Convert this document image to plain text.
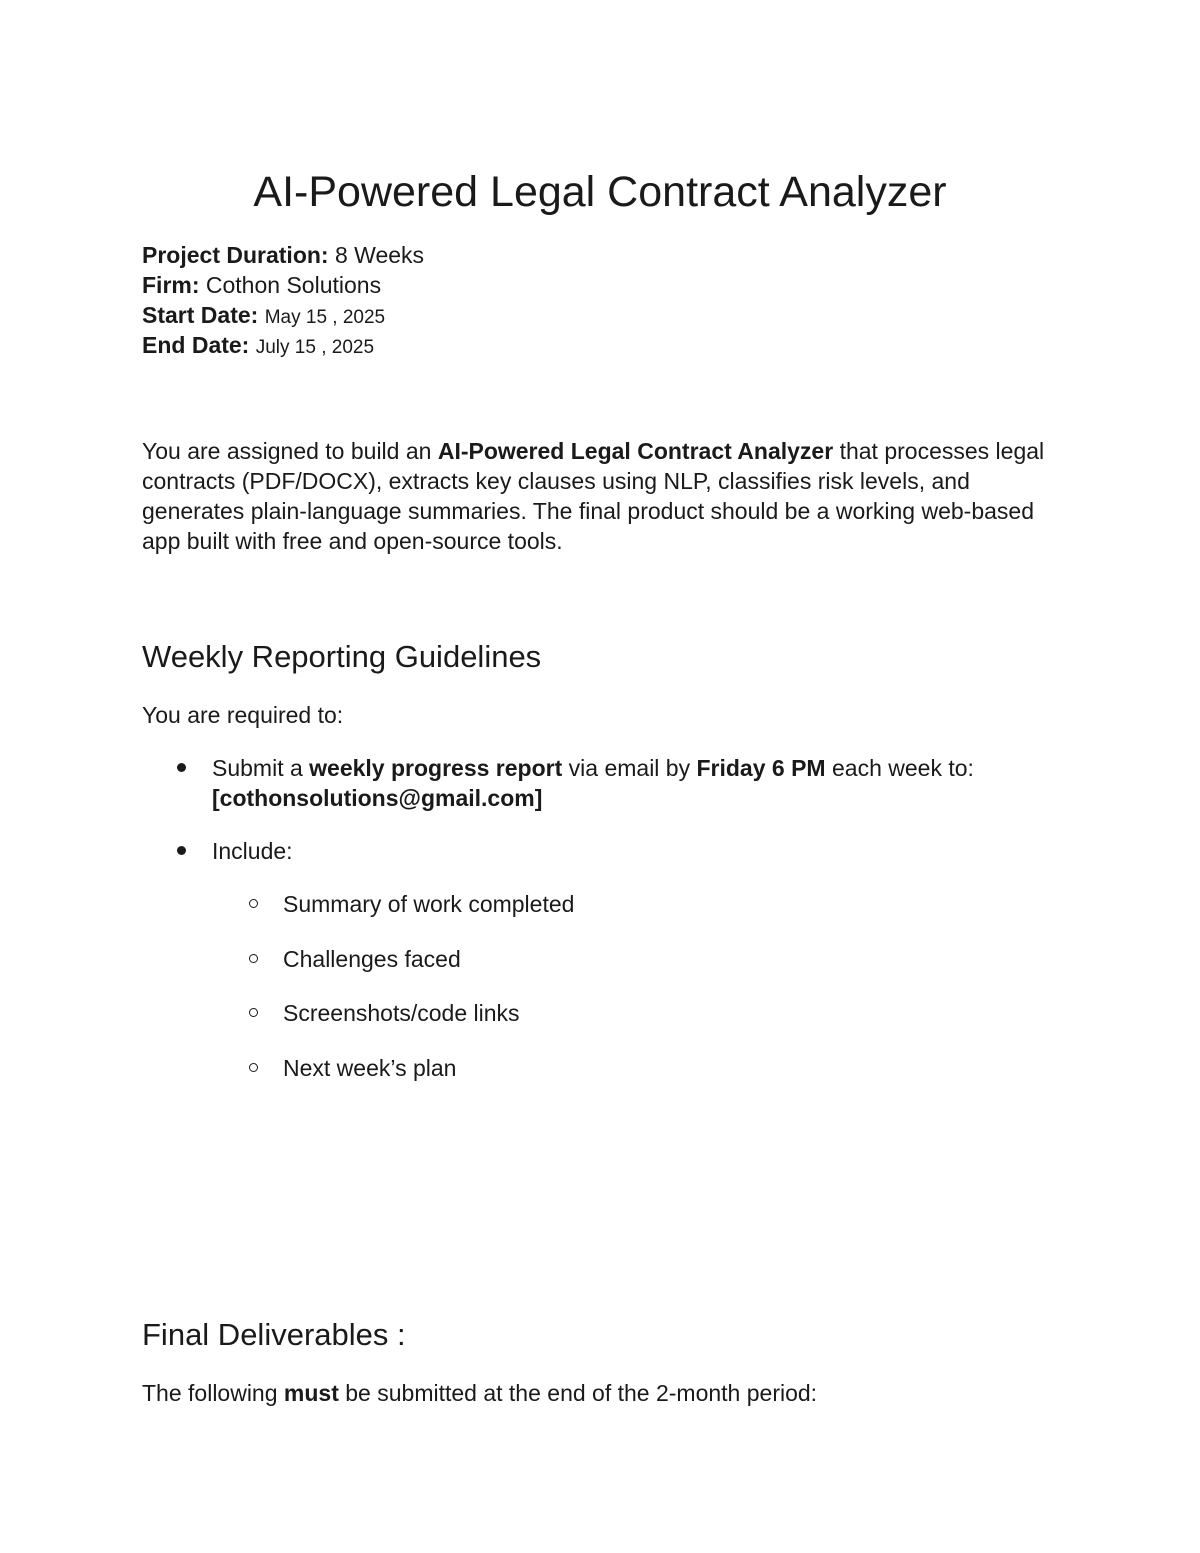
AI-Powered Legal Contract Analyzer
Project Duration: 8 Weeks
Firm: Cothon Solutions
Start Date: May 15 , 2025
End Date: July 15 , 2025

You are assigned to build an AI-Powered Legal Contract Analyzer that processes legal contracts (PDF/DOCX), extracts key clauses using NLP, classifies risk levels, and generates plain-language summaries. The final product should be a working web-based app built with free and open-source tools.

Weekly Reporting Guidelines

You are required to:

Submit a weekly progress report via email by Friday 6 PM each week to: [cothonsolutions@gmail.com]
Include:
Summary of work completed
Challenges faced
Screenshots/code links
Next week’s plan
Final Deliverables :

The following must be submitted at the end of the 2-month period:
